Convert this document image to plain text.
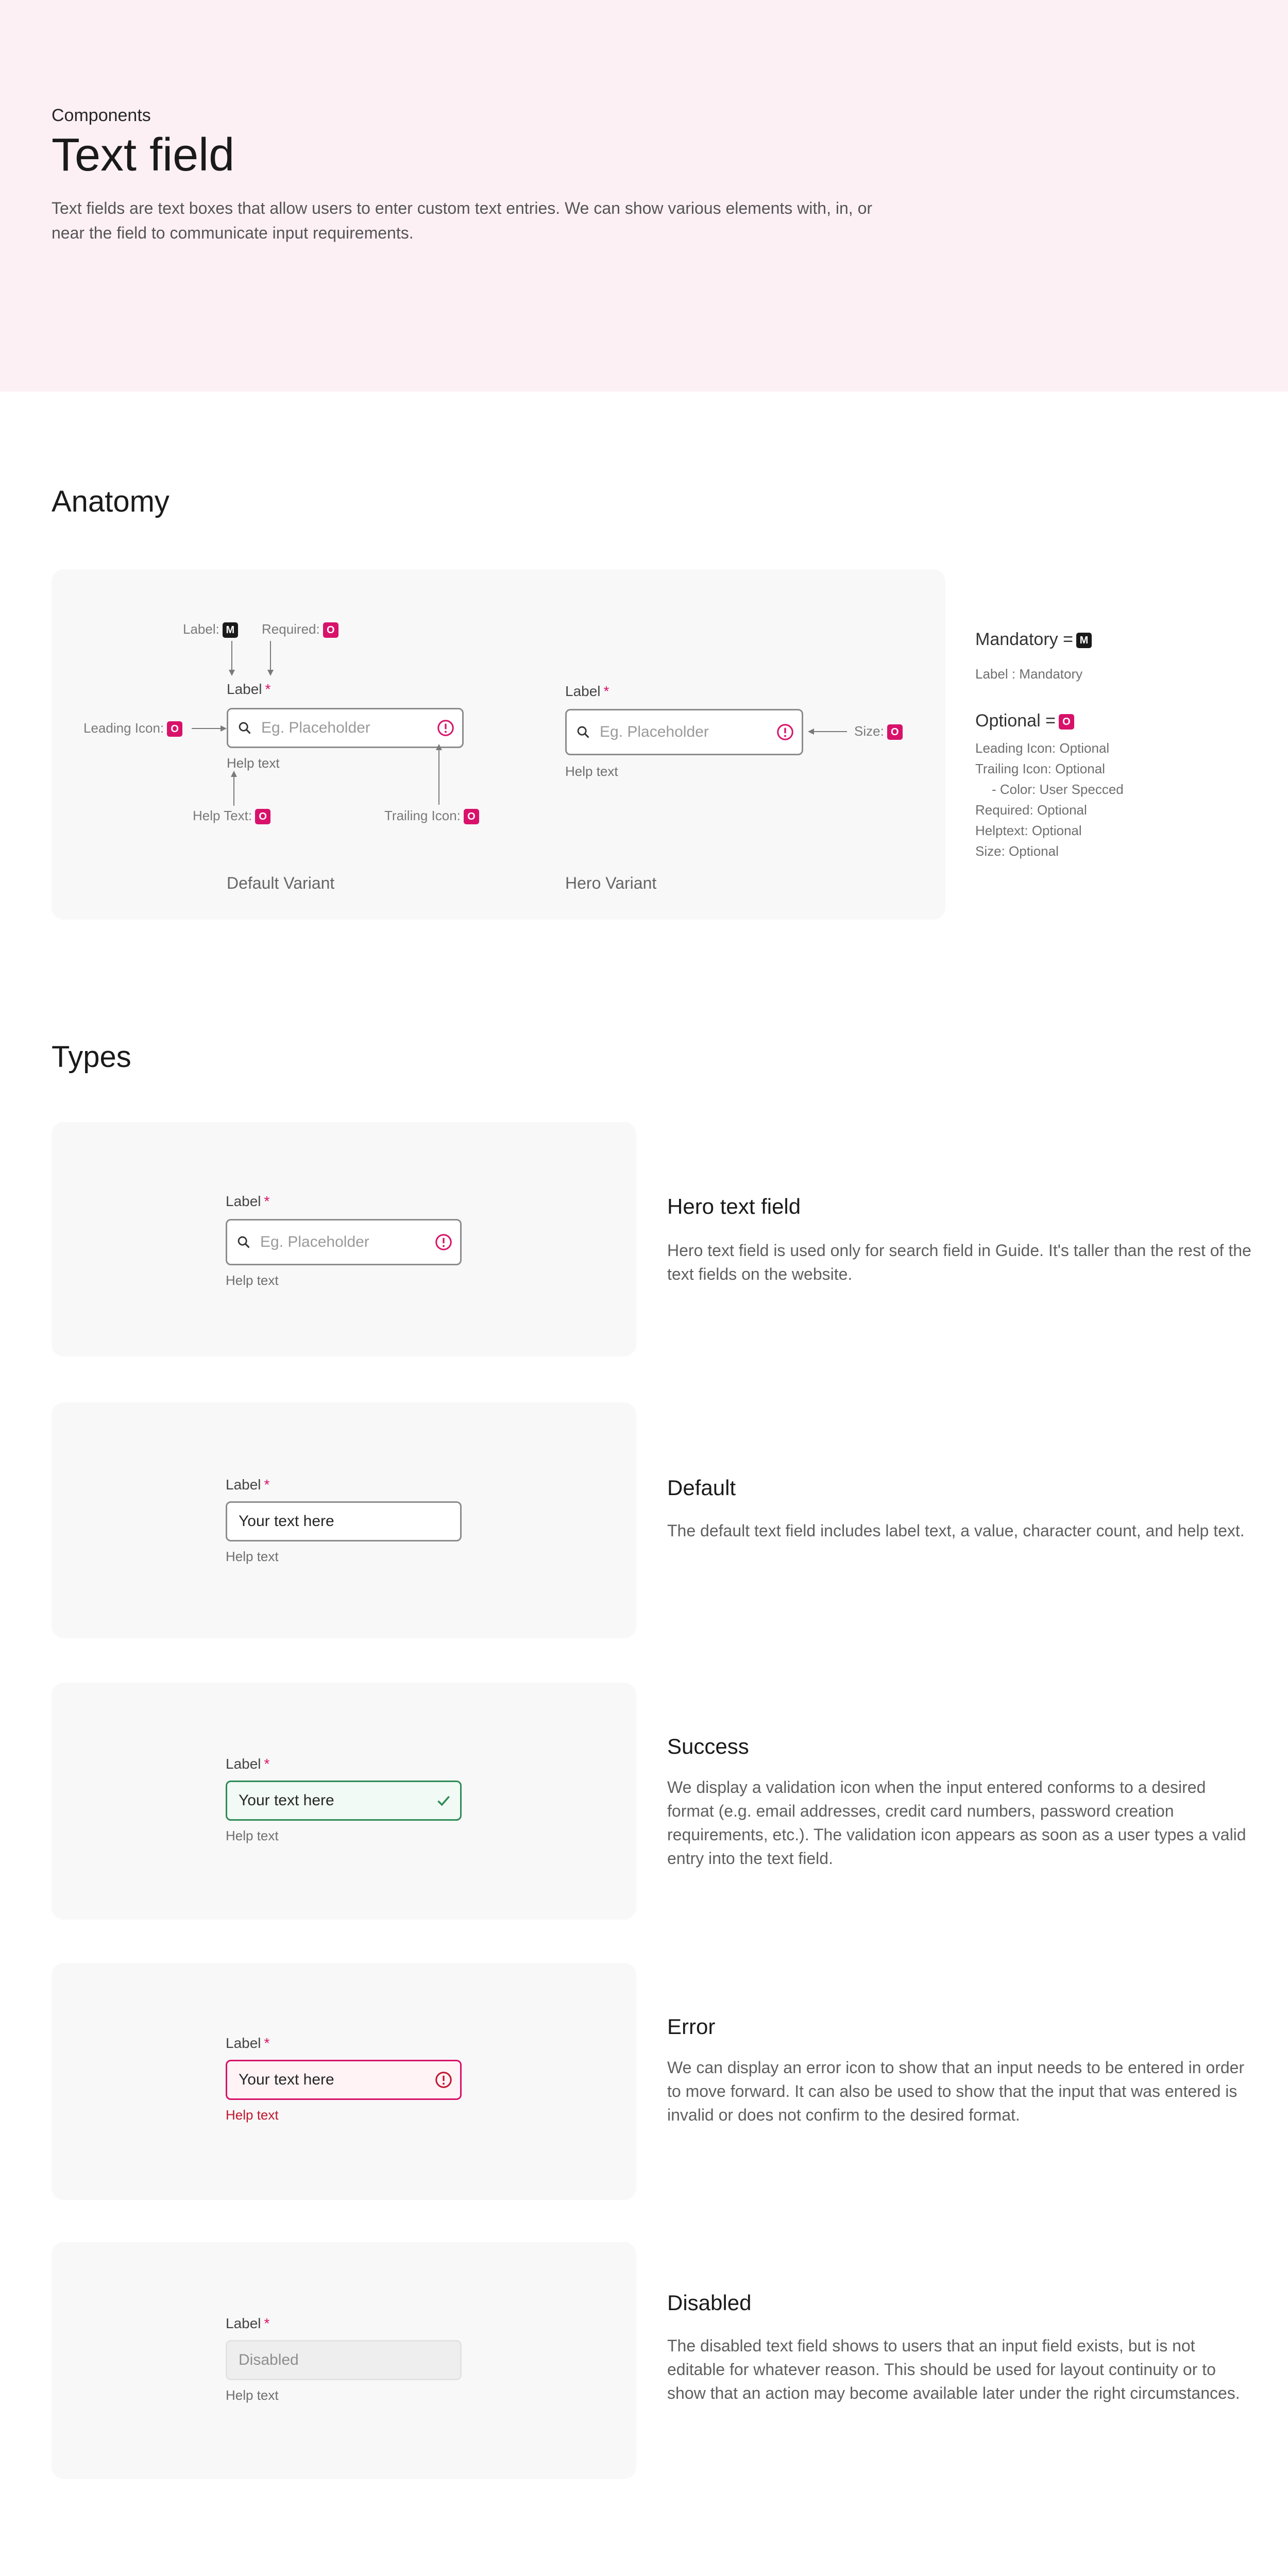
Components
Text field
Text fields are text boxes that allow users to enter custom text entries. We can show various elements with, in, or near the field to communicate input requirements.
Anatomy
Label: M Required: O
Label *
Eg. Placeholder
Help text
Leading Icon: O
Help Text: O	Trailing Icon: O
Label *
Eg. Placeholder
Help text
Size: O
Default Variant	Hero Variant
Mandatory = M
Label : Mandatory
Optional = O
Leading Icon: Optional
Trailing Icon: Optional
- Color: User Specced
Required: Optional
Helptext: Optional
Size: Optional
Types
Label *
Eg. Placeholder
Help text
Hero text field
Hero text field is used only for search field in Guide. It's taller than the rest of the text fields on the website.
Label *
Your text here
Help text
Default
The default text field includes label text, a value, character count, and help text.
Label *
Your text here
Help text
Success
We display a validation icon when the input entered conforms to a desired format (e.g. email addresses, credit card numbers, password creation requirements, etc.). The validation icon appears as soon as a user types a valid entry into the text field.
Label *
Your text here
Help text
Error
We can display an error icon to show that an input needs to be entered in order to move forward. It can also be used to show that the input that was entered is invalid or does not confirm to the desired format.
Label *
Disabled
Help text
Disabled
The disabled text field shows to users that an input field exists, but is not editable for whatever reason. This should be used for layout continuity or to show that an action may become available later under the right circumstances.
